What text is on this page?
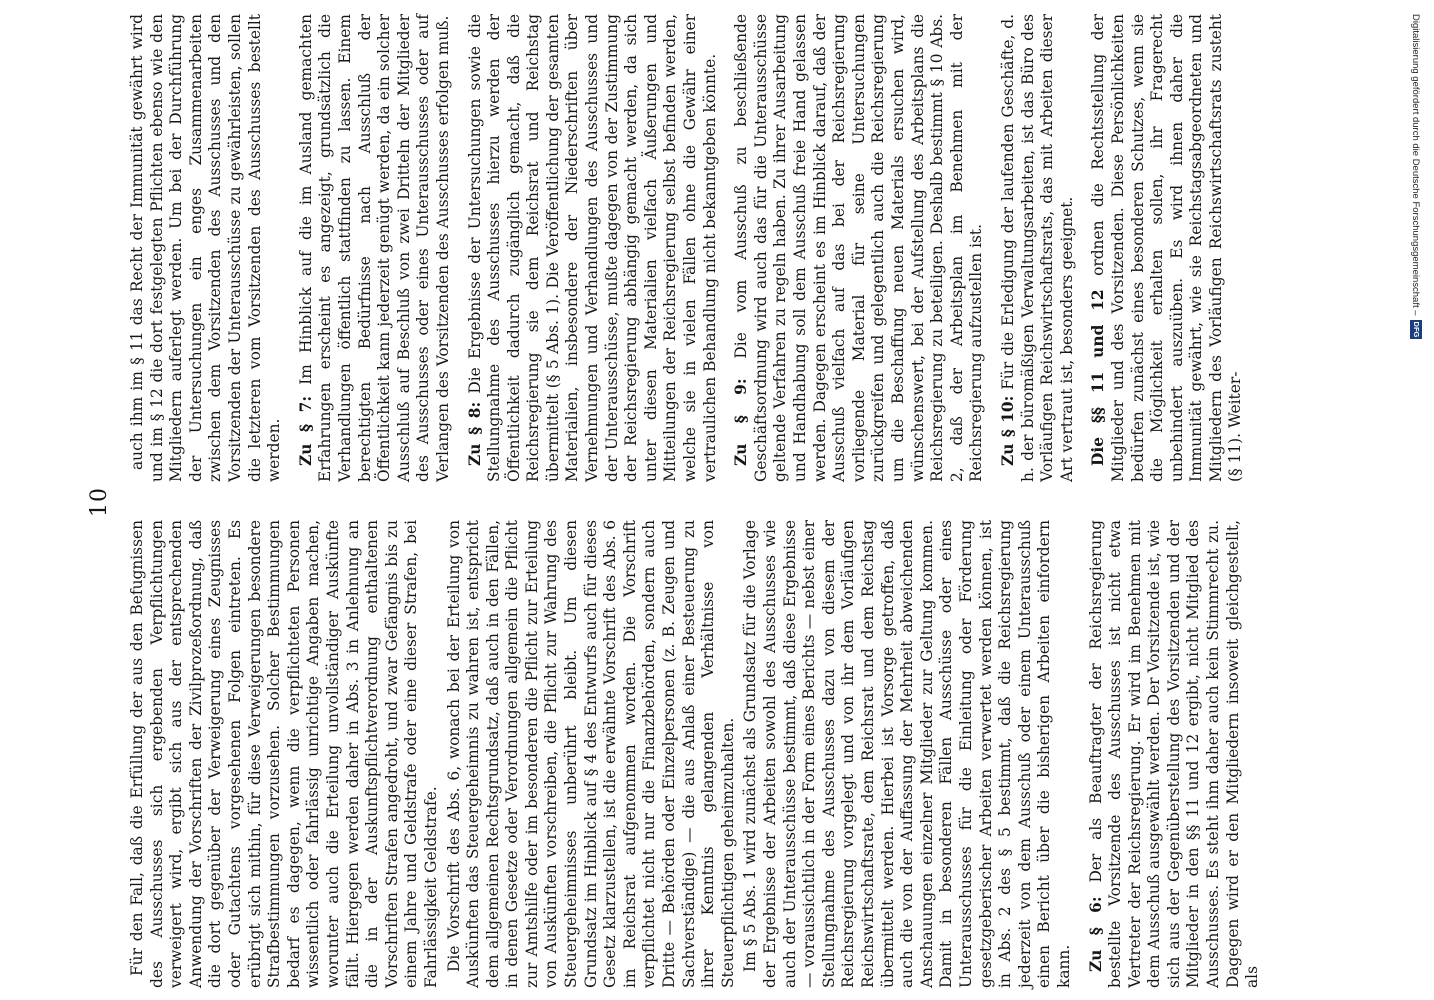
10

Für den Fall, daß die Erfüllung der aus den Befugnissen des Ausschusses sich ergebenden Verpflichtungen verweigert wird, ergibt sich aus der entsprechenden Anwendung der Vorschriften der Zivilprozeßordnung, daß die dort gegenüber der Verweigerung eines Zeugnisses oder Gutachtens vorgesehenen Folgen eintreten. Es erübrigt sich mithin, für diese Verweigerungen besondere Strafbestimmungen vorzusehen. Solcher Bestimmungen bedarf es dagegen, wenn die verpflichteten Personen wissentlich oder fahrlässig unrichtige Angaben machen, worunter auch die Erteilung unvollständiger Auskünfte fällt. Hiergegen werden daher in Abs. 3 in Anlehnung an die in der Auskunftspflichtverordnung enthaltenen Vorschriften Strafen angedroht, und zwar Gefängnis bis zu einem Jahre und Geldstrafe oder eine dieser Strafen, bei Fahrlässigkeit Geldstrafe. Die Vorschrift des Abs. 6, wonach bei der Erteilung von Auskünften das Steuergeheimnis zu wahren ist, entspricht dem allgemeinen Rechtsgrundsatz, daß auch in den Fällen, in denen Gesetze oder Verordnungen allgemein die Pflicht zur Amtshilfe oder im besonderen die Pflicht zur Erteilung von Auskünften vorschreiben, die Pflicht zur Wahrung des Steuergeheimnisses unberührt bleibt. Um diesen Grundsatz im Hinblick auf § 4 des Entwurfs auch für dieses Gesetz klarzustellen, ist die erwähnte Vorschrift des Abs. 6 im Reichsrat aufgenommen worden. Die Vorschrift verpflichtet nicht nur die Finanzbehörden, sondern auch Dritte — Behörden oder Einzelpersonen (z. B. Zeugen und Sachverständige) — die aus Anlaß einer Besteuerung zu ihrer Kenntnis gelangenden Verhältnisse von Steuerpflichtigen geheimzuhalten. Im § 5 Abs. 1 wird zunächst als Grundsatz für die Vorlage der Ergebnisse der Arbeiten sowohl des Ausschusses wie auch der Unterausschüsse bestimmt, daß diese Ergebnisse — voraussichtlich in der Form eines Berichts — nebst einer Stellungnahme des Ausschusses dazu von diesem der Reichsregierung vorgelegt und von ihr dem Vorläufigen Reichswirtschaftsrate, dem Reichsrat und dem Reichstag übermittelt werden. Hierbei ist Vorsorge getroffen, daß auch die von der Auffassung der Mehrheit abweichenden Anschauungen einzelner Mitglieder zur Geltung kommen. Damit in besonderen Fällen Ausschüsse oder eines Unterausschusses für die Einleitung oder Förderung gesetzgeberischer Arbeiten verwertet werden können, ist in Abs. 2 des § 5 bestimmt, daß die Reichsregierung jederzeit von dem Ausschuß oder einem Unterausschuß einen Bericht über die bisherigen Arbeiten einfordern kann. Zu § 6: Der als Beauftragter der Reichsregierung bestellte Vorsitzende des Ausschusses ist nicht etwa Vertreter der Reichsregierung. Er wird im Benehmen mit dem Ausschuß ausgewählt werden. Der Vorsitzende ist, wie sich aus der Gegenüberstellung des Vorsitzenden und der Mitglieder in den §§ 11 und 12 ergibt, nicht Mitglied des Ausschusses. Es steht ihm daher auch kein Stimmrecht zu. Dagegen wird er den Mitgliedern insoweit gleichgestellt, als

auch ihm im § 11 das Recht der Immunität gewährt wird und im § 12 die dort festgelegten Pflichten ebenso wie den Mitgliedern auferlegt werden. Um bei der Durchführung der Untersuchungen ein enges Zusammenarbeiten zwischen dem Vorsitzenden des Ausschusses und den Vorsitzenden der Unterausschüsse zu gewährleisten, sollen die letzteren vom Vorsitzenden des Ausschusses bestellt werden. Zu § 7: Im Hinblick auf die im Ausland gemachten Erfahrungen erscheint es angezeigt, grundsätzlich die Verhandlungen öffentlich stattfinden zu lassen. Einem berechtigten Bedürfnisse nach Ausschluß der Öffentlichkeit kann jederzeit genügt werden, da ein solcher Ausschluß auf Beschluß von zwei Dritteln der Mitglieder des Ausschusses oder eines Unterausschusses oder auf Verlangen des Vorsitzenden des Ausschusses erfolgen muß. Zu § 8: Die Ergebnisse der Untersuchungen sowie die Stellungnahme des Ausschusses hierzu werden der Öffentlichkeit dadurch zugänglich gemacht, daß die Reichsregierung sie dem Reichsrat und Reichstag übermittelt (§ 5 Abs. 1). Die Veröffentlichung der gesamten Materialien, insbesondere der Niederschriften über Vernehmungen und Verhandlungen des Ausschusses und der Unterausschüsse, mußte dagegen von der Zustimmung der Reichsregierung abhängig gemacht werden, da sich unter diesen Materialien vielfach Äußerungen und Mitteilungen der Reichsregierung selbst befinden werden, welche sie in vielen Fällen ohne die Gewähr einer vertraulichen Behandlung nicht bekanntgeben könnte. Zu § 9: Die vom Ausschuß zu beschließende Geschäftsordnung wird auch das für die Unterausschüsse geltende Verfahren zu regeln haben. Zu ihrer Ausarbeitung und Handhabung soll dem Ausschuß freie Hand gelassen werden. Dagegen erscheint es im Hinblick darauf, daß der Ausschuß vielfach auf das bei der Reichsregierung vorliegende Material für seine Untersuchungen zurückgreifen und gelegentlich auch die Reichsregierung um die Beschaffung neuen Materials ersuchen wird, wünschenswert, bei der Aufstellung des Arbeitsplans die Reichsregierung zu beteiligen. Deshalb bestimmt § 10 Abs. 2, daß der Arbeitsplan im Benehmen mit der Reichsregierung aufzustellen ist. Zu § 10: Für die Erledigung der laufenden Geschäfte, d. h. der büromäßigen Verwaltungsarbeiten, ist das Büro des Vorläufigen Reichswirtschaftsrats, das mit Arbeiten dieser Art vertraut ist, besonders geeignet. Die §§ 11 und 12 ordnen die Rechtsstellung der Mitglieder und des Vorsitzenden. Diese Persönlichkeiten bedürfen zunächst eines besonderen Schutzes, wenn sie die Möglichkeit erhalten sollen, ihr Fragerecht unbehindert auszuüben. Es wird ihnen daher die Immunität gewährt, wie sie Reichstagsabgeordneten und Mitgliedern des Vorläufigen Reichswirtschaftsrats zusteht (§ 11). Weiter-

Digitalisierung gefördert durch die Deutsche Forschungsgemeinschaft –
DFG
